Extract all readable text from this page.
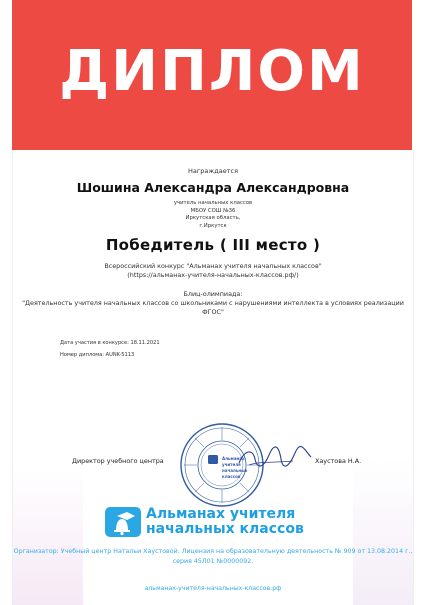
ДИПЛОМ
Награждается
Шошина Александра Александровна
учитель начальных классов
МБОУ СОШ №36
Иркутская область,
г.Иркутск
Победитель ( III место )
Всероссийский конкурс "Альманах учителя начальных классов"
(https://альманах-учителя-начальных-классов.рф/)
Блиц-олимпиада:
"Деятельность учителя начальных классов со школьниками с нарушениями интеллекта в условиях реализации ФГОС"
Дата участия в конкурсе: 18.11.2021
Номер диплома: AUNK-5113
Альманах
учителя
начальных
классов
Директор учебного центра	Хаустова Н.А.
Альманах учителя
начальных классов
Организатор: Учебный центр Натальи Хаустовой. Лицензия на образовательную деятельность № 909 от 13.08.2014 г., серия 45Л01 №0000092.
альманах-учителя-начальных-классов.рф
